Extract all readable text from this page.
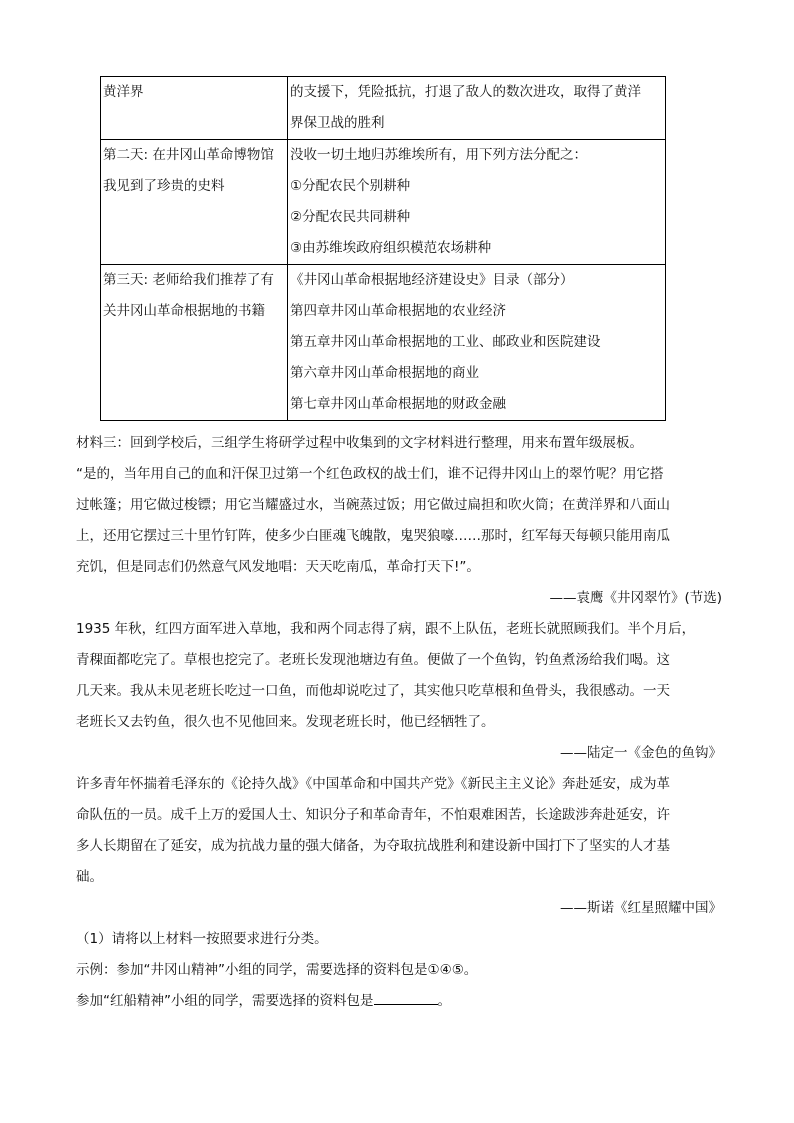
黄洋界	的支援下，凭险抵抗，打退了敌人的数次进攻，取得了黄洋
界保卫战的胜利

第二天: 在井冈山革命博物馆
我见到了珍贵的史料	没收一切土地归苏维埃所有，用下列方法分配之：
①分配农民个别耕种
②分配农民共同耕种
③由苏维埃政府组织模范农场耕种

第三天: 老师给我们推荐了有
关井冈山革命根据地的书籍	《井冈山革命根据地经济建设史》目录（部分）
第四章井冈山革命根据地的农业经济
第五章井冈山革命根据地的工业、邮政业和医院建设
第六章井冈山革命根据地的商业
第七章井冈山革命根据地的财政金融
材料三：回到学校后，三组学生将研学过程中收集到的文字材料进行整理，用来布置年级展板。
“是的，当年用自己的血和汗保卫过第一个红色政权的战士们，谁不记得井冈山上的翠竹呢？用它搭
过帐篷；用它做过梭镖；用它当耀盛过水，当碗蒸过饭；用它做过扁担和吹火筒；在黄洋界和八面山
上，还用它摆过三十里竹钉阵，使多少白匪魂飞魄散，鬼哭狼嚎……那时，红军每天每顿只能用南瓜
充饥，但是同志们仍然意气风发地唱：天天吃南瓜，革命打天下!”。
——袁鹰《井冈翠竹》(节选)
1935 年秋，红四方面军进入草地，我和两个同志得了病，跟不上队伍，老班长就照顾我们。半个月后，
青稞面都吃完了。草根也挖完了。老班长发现池塘边有鱼。便做了一个鱼钩，钓鱼煮汤给我们喝。这
几天来。我从未见老班长吃过一口鱼，而他却说吃过了，其实他只吃草根和鱼骨头，我很感动。一天
老班长又去钓鱼，很久也不见他回来。发现老班长时，他已经牺牲了。
——陆定一《金色的鱼钩》
许多青年怀揣着毛泽东的《论持久战》《中国革命和中国共产党》《新民主主义论》奔赴延安，成为革
命队伍的一员。成千上万的爱国人士、知识分子和革命青年，不怕艰难困苦，长途跋涉奔赴延安，许
多人长期留在了延安，成为抗战力量的强大储备，为夺取抗战胜利和建设新中国打下了坚实的人才基
础。
——斯诺《红星照耀中国》
（1）请将以上材料一按照要求进行分类。
示例：参加“井冈山精神”小组的同学，需要选择的资料包是①④⑤。
参加“红船精神”小组的同学，需要选择的资料包是	。
